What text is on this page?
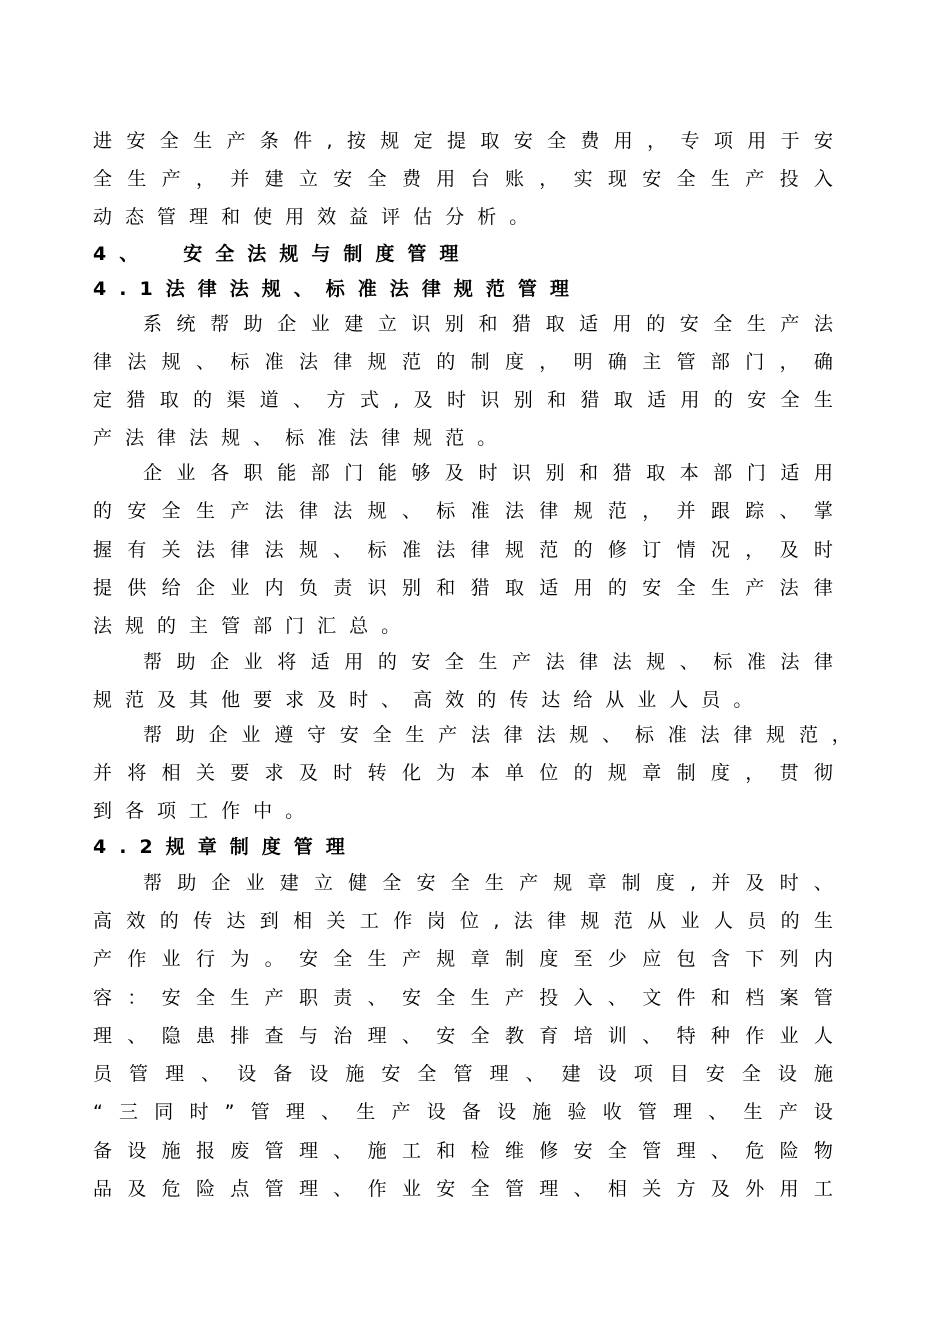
进 安 全 生 产 条 件 , 按 规 定 提 取 安 全 费 用 ， 专 项 用 于 安
全 生 产 ， 并 建 立 安 全 费 用 台 账 ， 实 现 安 全 生 产 投 入
动 态 管 理 和 使 用 效 益 评 估 分 析 。
4 、
　 安 全 法 规 与 制 度 管 理
4 . 1 法 律 法 规 、 标 准 法 律 规 范 管 理
系 统 帮 助 企 业 建 立 识 别 和 猎 取 适 用 的 安 全 生 产 法
律 法 规 、 标 准 法 律 规 范 的 制 度 ， 明 确 主 管 部 门 ， 确
定 猎 取 的 渠 道 、 方 式 , 及 时 识 别 和 猎 取 适 用 的 安 全 生
产 法 律 法 规 、 标 准 法 律 规 范 。
企 业 各 职 能 部 门 能 够 及 时 识 别 和 猎 取 本 部 门 适 用
的 安 全 生 产 法 律 法 规 、 标 准 法 律 规 范 ， 并 跟 踪 、 掌
握 有 关 法 律 法 规 、 标 准 法 律 规 范 的 修 订 情 况 ， 及 时
提 供 给 企 业 内 负 责 识 别 和 猎 取 适 用 的 安 全 生 产 法 律
法 规 的 主 管 部 门 汇 总 。
帮 助 企 业 将 适 用 的 安 全 生 产 法 律 法 规 、 标 准 法 律
规 范 及 其 他 要 求 及 时 、 高 效 的 传 达 给 从 业 人 员 。
帮 助 企 业 遵 守 安 全 生 产 法 律 法 规 、 标 准 法 律 规 范 ，
并 将 相 关 要 求 及 时 转 化 为 本 单 位 的 规 章 制 度 ， 贯 彻
到 各 项 工 作 中 。
4 . 2 规 章 制 度 管 理
帮 助 企 业 建 立 健 全 安 全 生 产 规 章 制 度 , 并 及 时 、
高 效 的 传 达 到 相 关 工 作 岗 位 , 法 律 规 范 从 业 人 员 的 生
产 作 业 行 为 。 安 全 生 产 规 章 制 度 至 少 应 包 含 下 列 内
容 ： 安 全 生 产 职 责 、 安 全 生 产 投 入 、 文 件 和 档 案 管
理 、 隐 患 排 查 与 治 理 、 安 全 教 育 培 训 、 特 种 作 业 人
员 管 理 、 设 备 设 施 安 全 管 理 、 建 设 项 目 安 全 设 施
“ 三 同 时 ” 管 理 、 生 产 设 备 设 施 验 收 管 理 、 生 产 设
备 设 施 报 废 管 理 、 施 工 和 检 维 修 安 全 管 理 、 危 险 物
品 及 危 险 点 管 理 、 作 业 安 全 管 理 、 相 关 方 及 外 用 工
